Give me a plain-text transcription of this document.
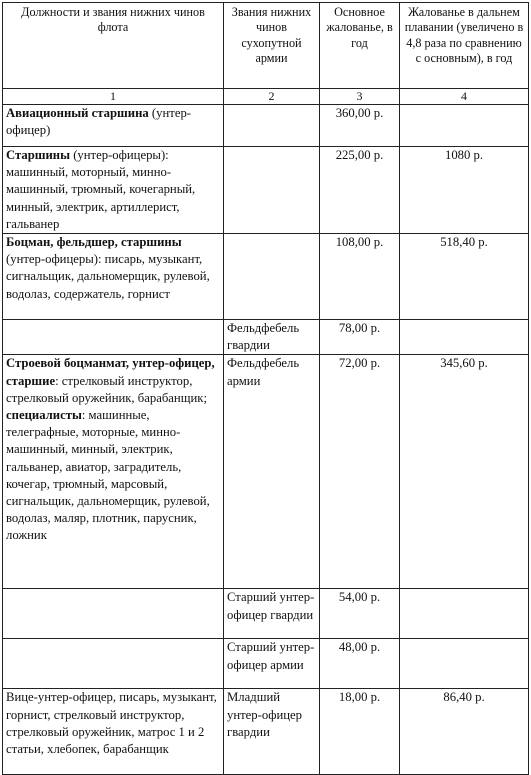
Должности и звания нижних чинов флота	Звания нижних чинов сухопутной армии	Основное жалованье, в год	Жалованье в дальнем плавании (увеличено в 4,8 раза по сравнению с основным), в год
1	2	3	4
Авиационный старшина (унтер-офицер)		360,00 р.	
Старшины (унтер-офицеры): машинный, моторный, минно-машинный, трюмный, кочегарный, минный, электрик, артиллерист, гальванер		225,00 р.	1080 р.
Боцман, фельдшер, старшины (унтер-офицеры): писарь, музыкант, сигнальщик, дальномерщик, рулевой, водолаз, содержатель, горнист		108,00 р.	518,40 р.
	Фельдфебель гвардии	78,00 р.	
Строевой боцманмат, унтер-офицер, старшие: стрелковый инструктор, стрелковый оружейник, барабанщик; специалисты: машинные, телеграфные, моторные, минно-машинный, минный, электрик, гальванер, авиатор, заградитель, кочегар, трюмный, марсовый, сигнальщик, дальномерщик, рулевой, водолаз, маляр, плотник, парусник, ложник	Фельдфебель армии	72,00 р.	345,60 р.
	Старший унтер-офицер гвардии	54,00 р.	
	Старший унтер-офицер армии	48,00 р.	
Вице-унтер-офицер, писарь, музыкант, горнист, стрелковый инструктор, стрелковый оружейник, матрос 1 и 2 статьи, хлебопек, барабанщик	Младший унтер-офицер гвардии	18,00 р.	86,40 р.
